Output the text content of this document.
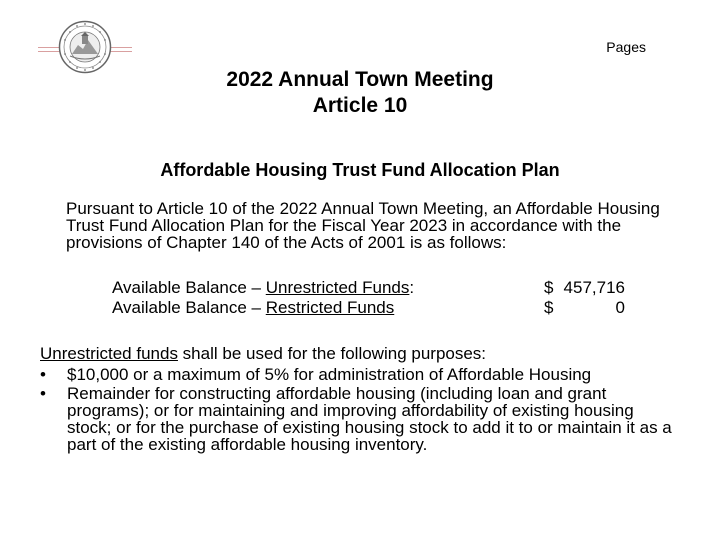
Pages
2022 Annual Town Meeting
Article 10
Affordable Housing Trust Fund Allocation Plan
Pursuant to Article 10 of the 2022 Annual Town Meeting, an Affordable Housing Trust Fund Allocation Plan for the Fiscal Year 2023 in accordance with the provisions of Chapter 140 of the Acts of 2001 is as follows:
Available Balance – Unrestricted Funds:	$ 457,716
Available Balance – Restricted Funds	$	0
Unrestricted funds shall be used for the following purposes:
• $10,000 or a maximum of 5% for administration of Affordable Housing
• Remainder for constructing affordable housing (including loan and grant programs); or for maintaining and improving affordability of existing housing stock; or for the purchase of existing housing stock to add it to or maintain it as a part of the existing affordable housing inventory.
